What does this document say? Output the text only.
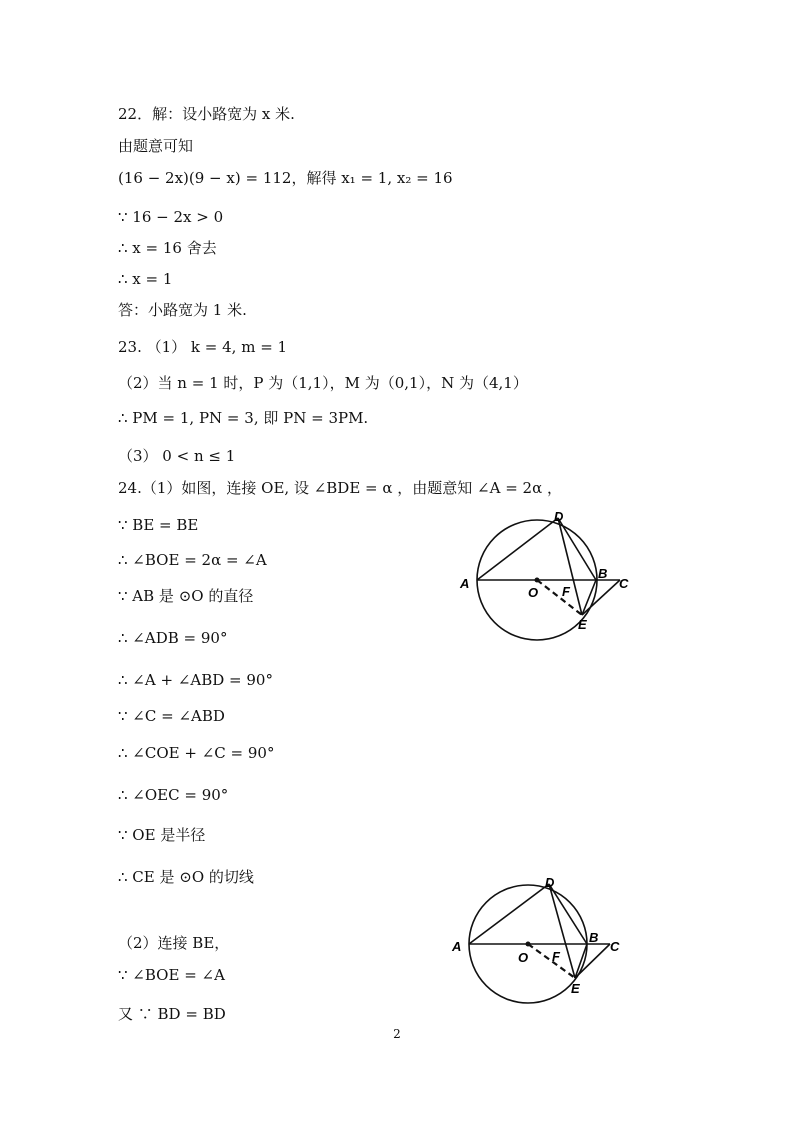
22．解：设小路宽为 x 米.
由题意可知
(16 − 2x)(9 − x) = 112，解得 x₁ = 1, x₂ = 16
∵ 16 − 2x > 0
∴ x = 16 舍去
∴ x = 1
答：小路宽为 1 米.
23. （1） k = 4, m = 1
（2）当 n = 1 时，P 为（1,1），M 为（0,1），N 为（4,1）
∴ PM = 1, PN = 3, 即 PN = 3PM.
（3） 0 < n ≤ 1
24.（1）如图，连接 OE, 设 ∠BDE = α ，由题意知 ∠A = 2α ，
∵ BE = BE
∴ ∠BOE = 2α = ∠A
∵ AB 是 ⊙O 的直径
∴ ∠ADB = 90°
∴ ∠A + ∠ABD = 90°
∵ ∠C = ∠ABD
∴ ∠COE + ∠C = 90°
∴ ∠OEC = 90°
∵ OE 是半径
∴ CE 是 ⊙O 的切线
（2）连接 BE，
∵ ∠BOE = ∠A
又 ∵ BD = BD
D
A
B
C
O F
E
D
A
B
C
O F
E
2
